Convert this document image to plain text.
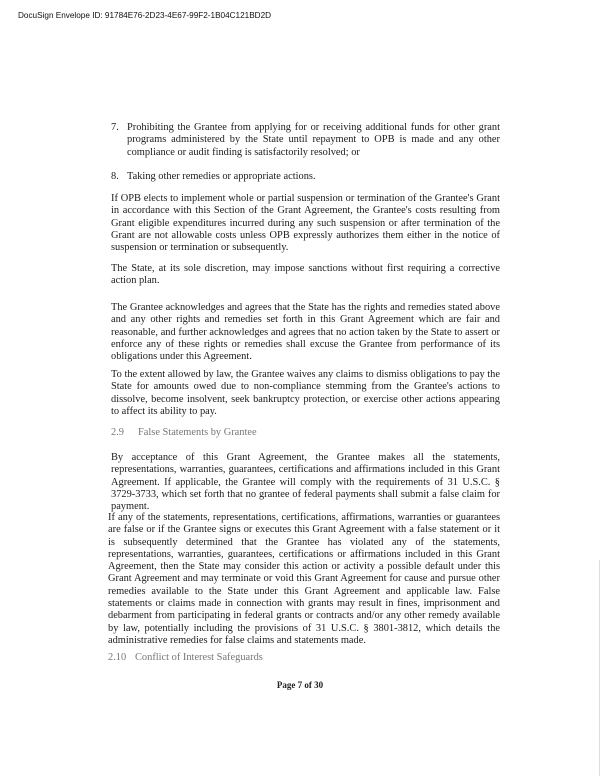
DocuSign Envelope ID: 91784E76-2D23-4E67-99F2-1B04C121BD2D
7. Prohibiting the Grantee from applying for or receiving additional funds for other grant programs administered by the State until repayment to OPB is made and any other compliance or audit finding is satisfactorily resolved; or
8. Taking other remedies or appropriate actions.
If OPB elects to implement whole or partial suspension or termination of the Grantee's Grant in accordance with this Section of the Grant Agreement, the Grantee's costs resulting from Grant eligible expenditures incurred during any such suspension or after termination of the Grant are not allowable costs unless OPB expressly authorizes them either in the notice of suspension or termination or subsequently.
The State, at its sole discretion, may impose sanctions without first requiring a corrective action plan.
The Grantee acknowledges and agrees that the State has the rights and remedies stated above and any other rights and remedies set forth in this Grant Agreement which are fair and reasonable, and further acknowledges and agrees that no action taken by the State to assert or enforce any of these rights or remedies shall excuse the Grantee from performance of its obligations under this Agreement.
To the extent allowed by law, the Grantee waives any claims to dismiss obligations to pay the State for amounts owed due to non-compliance stemming from the Grantee's actions to dissolve, become insolvent, seek bankruptcy protection, or exercise other actions appearing to affect its ability to pay.
2.9 False Statements by Grantee
By acceptance of this Grant Agreement, the Grantee makes all the statements, representations, warranties, guarantees, certifications and affirmations included in this Grant Agreement. If applicable, the Grantee will comply with the requirements of 31 U.S.C. § 3729-3733, which set forth that no grantee of federal payments shall submit a false claim for payment.
If any of the statements, representations, certifications, affirmations, warranties or guarantees are false or if the Grantee signs or executes this Grant Agreement with a false statement or it is subsequently determined that the Grantee has violated any of the statements, representations, warranties, guarantees, certifications or affirmations included in this Grant Agreement, then the State may consider this action or activity a possible default under this Grant Agreement and may terminate or void this Grant Agreement for cause and pursue other remedies available to the State under this Grant Agreement and applicable law. False statements or claims made in connection with grants may result in fines, imprisonment and debarment from participating in federal grants or contracts and/or any other remedy available by law, potentially including the provisions of 31 U.S.C. § 3801-3812, which details the administrative remedies for false claims and statements made.
2.10 Conflict of Interest Safeguards
Page 7 of 30
